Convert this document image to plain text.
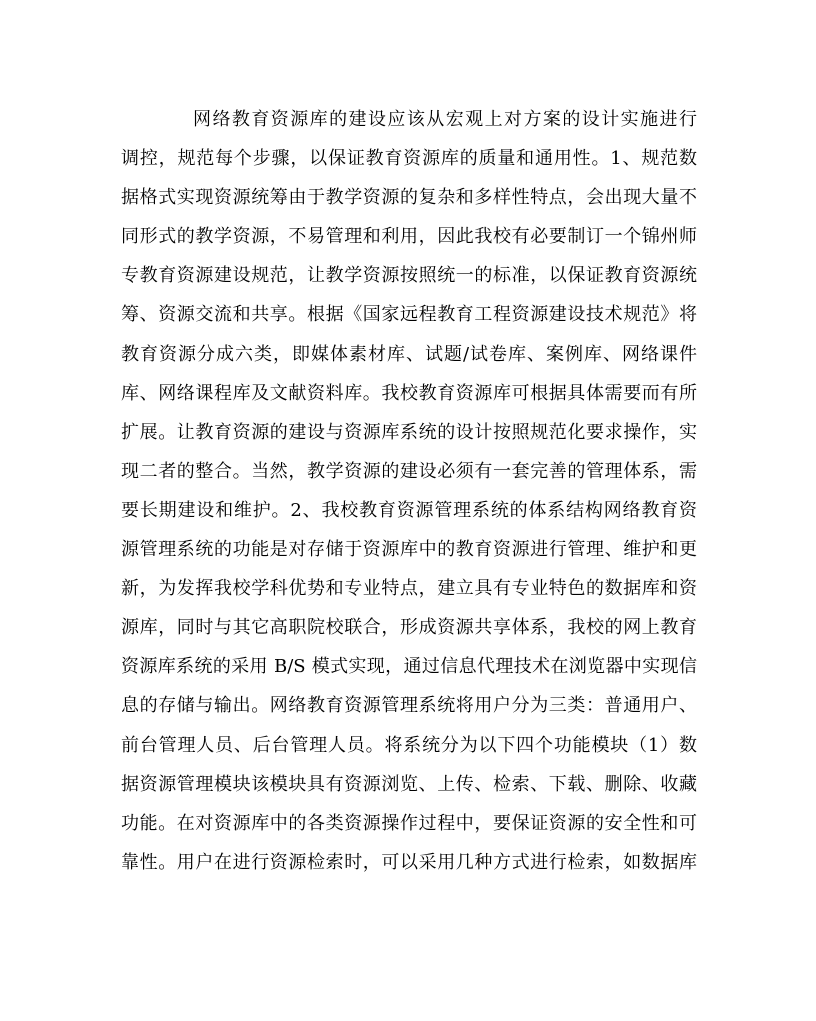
网络教育资源库的建设应该从宏观上对方案的设计实施进行
调控，规范每个步骤，以保证教育资源库的质量和通用性。1、规范数
据格式实现资源统筹由于教学资源的复杂和多样性特点，会出现大量不
同形式的教学资源，不易管理和利用，因此我校有必要制订一个锦州师
专教育资源建设规范，让教学资源按照统一的标准，以保证教育资源统
筹、资源交流和共享。根据《国家远程教育工程资源建设技术规范》将
教育资源分成六类，即媒体素材库、试题/试卷库、案例库、网络课件
库、网络课程库及文献资料库。我校教育资源库可根据具体需要而有所
扩展。让教育资源的建设与资源库系统的设计按照规范化要求操作，实
现二者的整合。当然，教学资源的建设必须有一套完善的管理体系，需
要长期建设和维护。2、我校教育资源管理系统的体系结构网络教育资
源管理系统的功能是对存储于资源库中的教育资源进行管理、维护和更
新，为发挥我校学科优势和专业特点，建立具有专业特色的数据库和资
源库，同时与其它高职院校联合，形成资源共享体系，我校的网上教育
资源库系统的采用 B/S 模式实现，通过信息代理技术在浏览器中实现信
息的存储与输出。网络教育资源管理系统将用户分为三类：普通用户、
前台管理人员、后台管理人员。将系统分为以下四个功能模块（1）数
据资源管理模块该模块具有资源浏览、上传、检索、下载、删除、收藏
功能。在对资源库中的各类资源操作过程中，要保证资源的安全性和可
靠性。用户在进行资源检索时，可以采用几种方式进行检索，如数据库
